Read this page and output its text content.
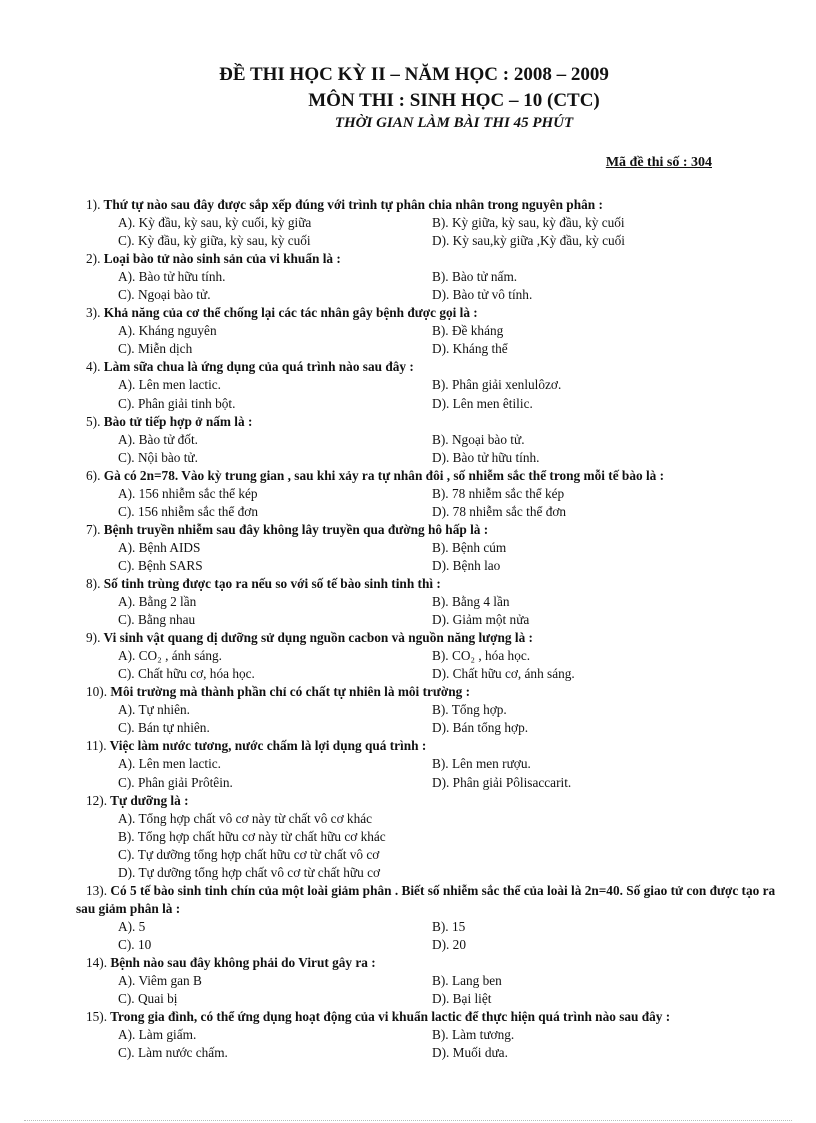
ĐỀ THI HỌC KỲ II – NĂM HỌC : 2008 – 2009
MÔN THI : SINH HỌC – 10 (CTC)
THỜI GIAN LÀM BÀI THI 45 PHÚT
Mã đề thi số : 304
1). Thứ tự nào sau đây được sắp xếp đúng với trình tự phân chia nhân trong nguyên phân :
A). Kỳ đầu, kỳ sau, kỳ cuối, kỳ giữa	B). Kỳ giữa, kỳ sau, kỳ đầu, kỳ cuối
C). Kỳ đầu, kỳ giữa, kỳ sau, kỳ cuối	D). Kỳ sau,kỳ giữa ,Kỳ đầu, kỳ cuối
2). Loại bào tử nào sinh sản của vi khuẩn là :
A). Bào tử hữu tính.	B). Bào tử nấm.
C). Ngoại bào tử.	D). Bào tử vô tính.
3). Khả năng của cơ thể chống lại các tác nhân gây bệnh được gọi là :
A). Kháng nguyên	B). Đề kháng
C). Miễn dịch	D). Kháng thể
4). Làm sữa chua là ứng dụng của quá trình nào sau đây :
A). Lên men lactic.	B). Phân giải xenlulôzơ.
C). Phân giải tinh bột.	D). Lên men êtilic.
5). Bào tử tiếp hợp ở nấm là :
A). Bào tử đốt.	B). Ngoại bào tử.
C). Nội bào tử.	D). Bào tử hữu tính.
6). Gà có 2n=78. Vào kỳ trung gian , sau khi xảy ra tự nhân đôi , số nhiễm sắc thể trong mỗi tế bào là :
A). 156 nhiễm sắc thể kép	B). 78 nhiễm sắc thể kép
C). 156 nhiễm sắc thể đơn	D). 78 nhiễm sắc thể đơn
7). Bệnh truyền nhiễm sau đây không lây truyền qua đường hô hấp là :
A). Bệnh AIDS	B). Bệnh cúm
C). Bệnh SARS	D). Bệnh lao
8). Số tinh trùng được tạo ra nếu so với số tế bào sinh tinh thì :
A). Bằng 2 lần	B). Bằng 4 lần
C). Bằng nhau	D). Giảm một nửa
9). Vi sinh vật quang dị dưỡng sử dụng nguồn cacbon và nguồn năng lượng là :
A). CO₂ , ánh sáng.	B). CO₂ , hóa học.
C). Chất hữu cơ, hóa học.	D). Chất hữu cơ, ánh sáng.
10). Môi trường mà thành phần chỉ có chất tự nhiên là môi trường :
A). Tự nhiên.	B). Tổng hợp.
C). Bán tự nhiên.	D). Bán tổng hợp.
11). Việc làm nước tương, nước chấm là lợi dụng quá trình :
A). Lên men lactic.	B). Lên men rượu.
C). Phân giải Prôtêin.	D). Phân giải Pôlisaccarit.
12). Tự dưỡng là :
A). Tổng hợp chất vô cơ này từ chất vô cơ khác
B). Tổng hợp chất hữu cơ này từ chất hữu cơ khác
C). Tự dưỡng tổng hợp chất hữu cơ từ chất vô cơ
D). Tự dưỡng tổng hợp chất vô cơ từ chất hữu cơ
13). Có 5 tế bào sinh tinh chín của một loài giảm phân . Biết số nhiễm sắc thể của loài là 2n=40. Số giao tử con được tạo ra sau giảm phân là :
A). 5	B). 15
C). 10	D). 20
14). Bệnh nào sau đây không phải do Virut gây ra :
A). Viêm gan B	B). Lang ben
C). Quai bị	D). Bại liệt
15). Trong gia đình, có thể ứng dụng hoạt động của vi khuẩn lactic để thực hiện quá trình nào sau đây :
A). Làm giấm.	B). Làm tương.
C). Làm nước chấm.	D). Muối dưa.
